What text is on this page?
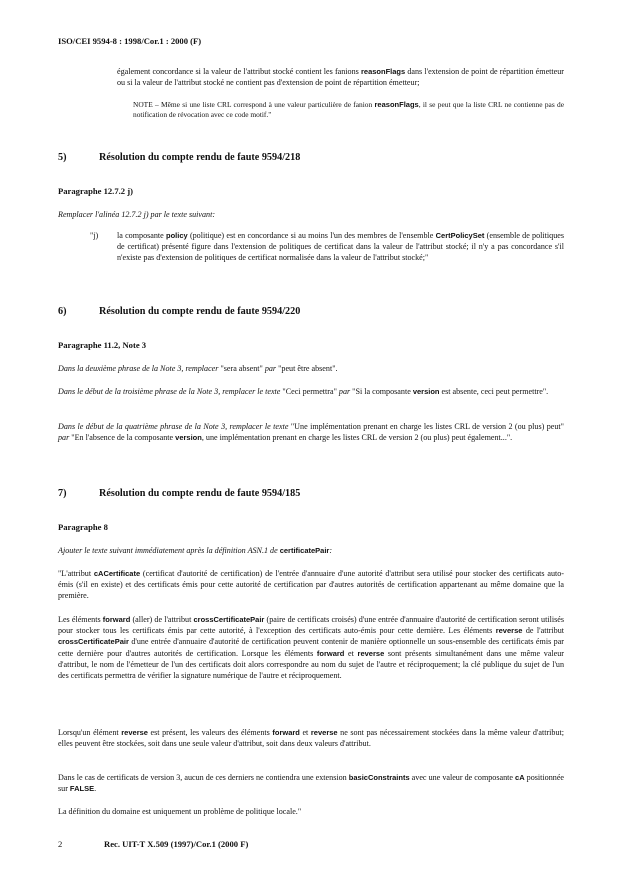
ISO/CEI 9594-8 : 1998/Cor.1 : 2000 (F)

également concordance si la valeur de l'attribut stocké contient les fanions reasonFlags dans l'extension de point de répartition émetteur ou si la valeur de l'attribut stocké ne contient pas d'extension de point de répartition émetteur;

NOTE – Même si une liste CRL correspond à une valeur particulière de fanion reasonFlags, il se peut que la liste CRL ne contienne pas de notification de révocation avec ce code motif."

5)	Résolution du compte rendu de faute 9594/218
Paragraphe 12.7.2 j)

Remplacer l'alinéa 12.7.2 j) par le texte suivant:

"j) la composante policy (politique) est en concordance si au moins l'un des membres de l'ensemble CertPolicySet (ensemble de politiques de certificat) présenté figure dans l'extension de politiques de certificat dans la valeur de l'attribut stocké; il n'y a pas concordance s'il n'existe pas d'extension de politiques de certificat normalisée dans la valeur de l'attribut stocké;"
6)	Résolution du compte rendu de faute 9594/220
Paragraphe 11.2, Note 3

Dans la deuxième phrase de la Note 3, remplacer "sera absent" par "peut être absent".

Dans le début de la troisième phrase de la Note 3, remplacer le texte "Ceci permettra" par "Si la composante version est absente, ceci peut permettre".

Dans le début de la quatrième phrase de la Note 3, remplacer le texte "Une implémentation prenant en charge les listes CRL de version 2 (ou plus) peut" par "En l'absence de la composante version, une implémentation prenant en charge les listes CRL de version 2 (ou plus) peut également...".

7)	Résolution du compte rendu de faute 9594/185
Paragraphe 8

Ajouter le texte suivant immédiatement après la définition ASN.1 de certificatePair:

"L'attribut cACertificate (certificat d'autorité de certification) de l'entrée d'annuaire d'une autorité d'attribut sera utilisé pour stocker des certificats auto-émis (s'il en existe) et des certificats émis pour cette autorité de certification par d'autres autorités de certification appartenant au même domaine que la première.

Les éléments forward (aller) de l'attribut crossCertificatePair (paire de certificats croisés) d'une entrée d'annuaire d'autorité de certification seront utilisés pour stocker tous les certificats émis par cette autorité, à l'exception des certificats auto-émis pour cette dernière. Les éléments reverse de l'attribut crossCertificatePair d'une entrée d'annuaire d'autorité de certification peuvent contenir de manière optionnelle un sous-ensemble des certificats émis par cette dernière pour d'autres autorités de certification. Lorsque les éléments forward et reverse sont présents simultanément dans une même valeur d'attribut, le nom de l'émetteur de l'un des certificats doit alors correspondre au nom du sujet de l'autre et réciproquement; la clé publique du sujet de l'un des certificats permettra de vérifier la signature numérique de l'autre et réciproquement.

Lorsqu'un élément reverse est présent, les valeurs des éléments forward et reverse ne sont pas nécessairement stockées dans la même valeur d'attribut; elles peuvent être stockées, soit dans une seule valeur d'attribut, soit dans deux valeurs d'attribut.

Dans le cas de certificats de version 3, aucun de ces derniers ne contiendra une extension basicConstraints avec une valeur de composante cA positionnée sur FALSE.

La définition du domaine est uniquement un problème de politique locale."

2	Rec. UIT-T X.509 (1997)/Cor.1 (2000 F)
